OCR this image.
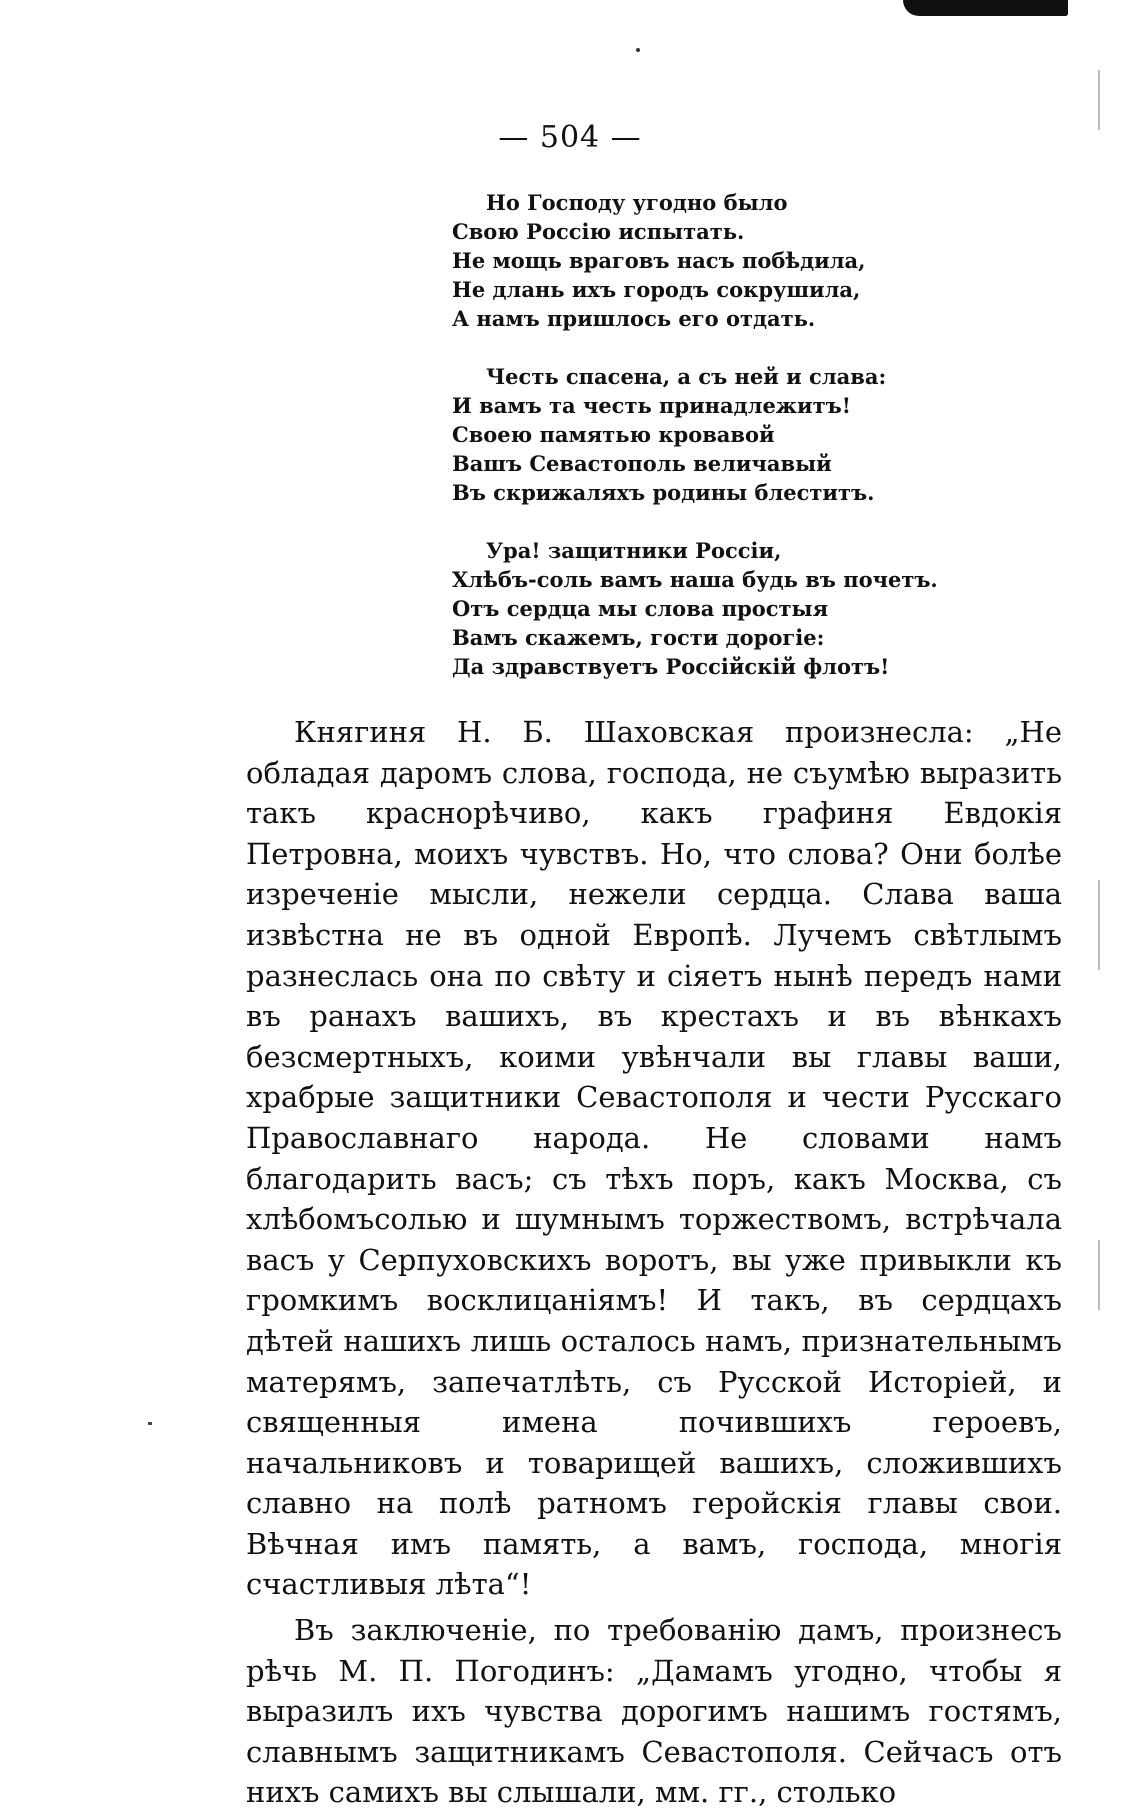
— 504 —
Но Господу угодно было
Свою Россiю испытать.
Не мощь враговъ насъ побѣдила,
Не длань ихъ городъ сокрушила,
А намъ пришлось его отдать.
Честь спасена, а съ ней и слава:
И вамъ та честь принадлежитъ!
Своею памятью кровавой
Вашъ Севастополь величавый
Въ скрижаляхъ родины блеститъ.
Ура! защитники Россiи,
Хлѣбъ-соль вамъ наша будь въ почетъ.
Отъ сердца мы слова простыя
Вамъ скажемъ, гости дорогiе:
Да здравствуетъ Россiйскiй флотъ!

Княгиня Н. Б. Шаховская произнесла: „Не обладая даромъ слова, господа, не съумѣю выразить такъ краснорѣчиво, какъ графиня Евдокiя Петровна, моихъ чувствъ. Но, что слова? Они болѣе изреченiе мысли, нежели сердца. Слава ваша извѣстна не въ одной Европѣ. Лучемъ свѣтлымъ разнеслась она по свѣту и сiяетъ нынѣ передъ нами въ ранахъ вашихъ, въ крестахъ и въ вѣнкахъ безсмертныхъ, коими увѣнчали вы главы ваши, храбрые защитники Севастополя и чести Русскаго Православнаго народа. Не словами намъ благодарить васъ; съ тѣхъ поръ, какъ Москва, съ хлѣбомъсолью и шумнымъ торжествомъ, встрѣчала васъ у Серпуховскихъ воротъ, вы уже привыкли къ громкимъ восклицанiямъ! И такъ, въ сердцахъ дѣтей нашихъ лишь осталось намъ, признательнымъ матерямъ, запечатлѣть, съ Русской Исторiей, и священныя имена почившихъ героевъ, начальниковъ и товарищей вашихъ, сложившихъ славно на полѣ ратномъ геройскiя главы свои. Вѣчная имъ память, а вамъ, господа, многiя счастливыя лѣта“!

Въ заключенiе, по требованiю дамъ, произнесъ рѣчь М. П. Погодинъ: „Дамамъ угодно, чтобы я выразилъ ихъ чувства дорогимъ нашимъ гостямъ, славнымъ защитникамъ Севастополя. Сейчасъ отъ нихъ самихъ вы слышали, мм. гг., столько
